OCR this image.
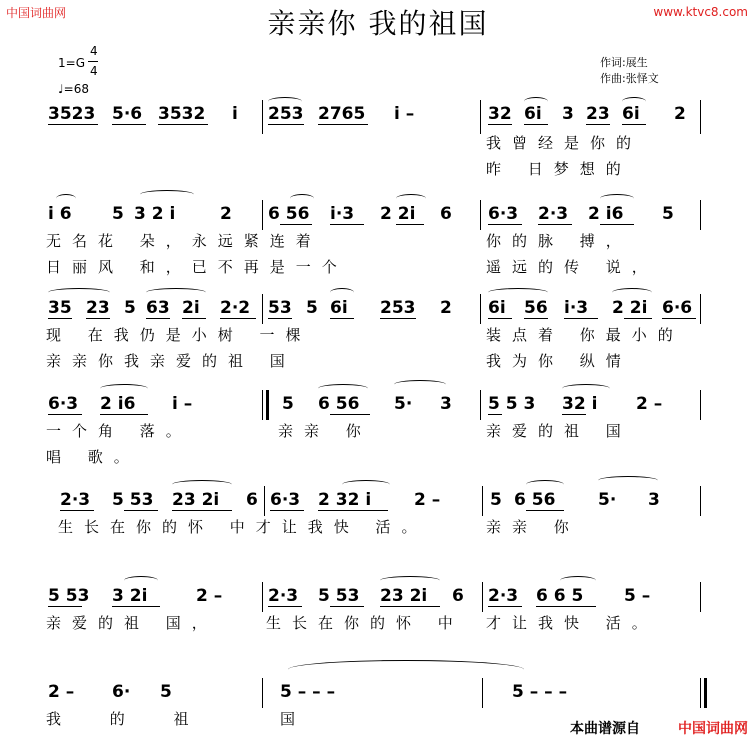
中国词曲网	www.ktvc8.com
亲亲你 我的祖国
1=G
4
4
♩=68
作词:展生
作曲:张怿文
3523 5·6 3532 i 253 2765 i –	32 6i 3 23 6i 2
我曾经是你的
昨 日梦想的
i 6 5 3 2 i	2 6 56 i·3 2 2i 6 6·3 2·3 2 i6 5
无名花 朵，永远紧连着	你的脉 搏，
日丽风 和，已不再是一个	遥远的传 说，
35 23 5 63 2i 2·2 53 5 6i 253 2 6i 56 i·3 2 2i 6·6
现 在我仍是小树 一棵	装点着 你最小的
亲亲你我亲爱的祖 国	我为你 纵情
6·3 2 i6 i –	5 6 56 5· 3 5 5 3 32 i 2 –
一个角 落。	亲亲 你	亲爱的祖 国
唱 歌。
2·3 5 53 23 2i 6 6·3 2 32 i	2 –	5 6 56	5· 3
生长在你的怀 中才让我快 活。	亲亲 你
5 53 3 2i	2 –	2·3 5 53 23 2i 6 2·3 6 6 5 5 –
亲爱的祖 国，	生长在你的怀 中 才让我快 活。
2 – 6· 5	5 – – –	5 – – –
我 的 祖	国
本曲谱源自	中国词曲网
